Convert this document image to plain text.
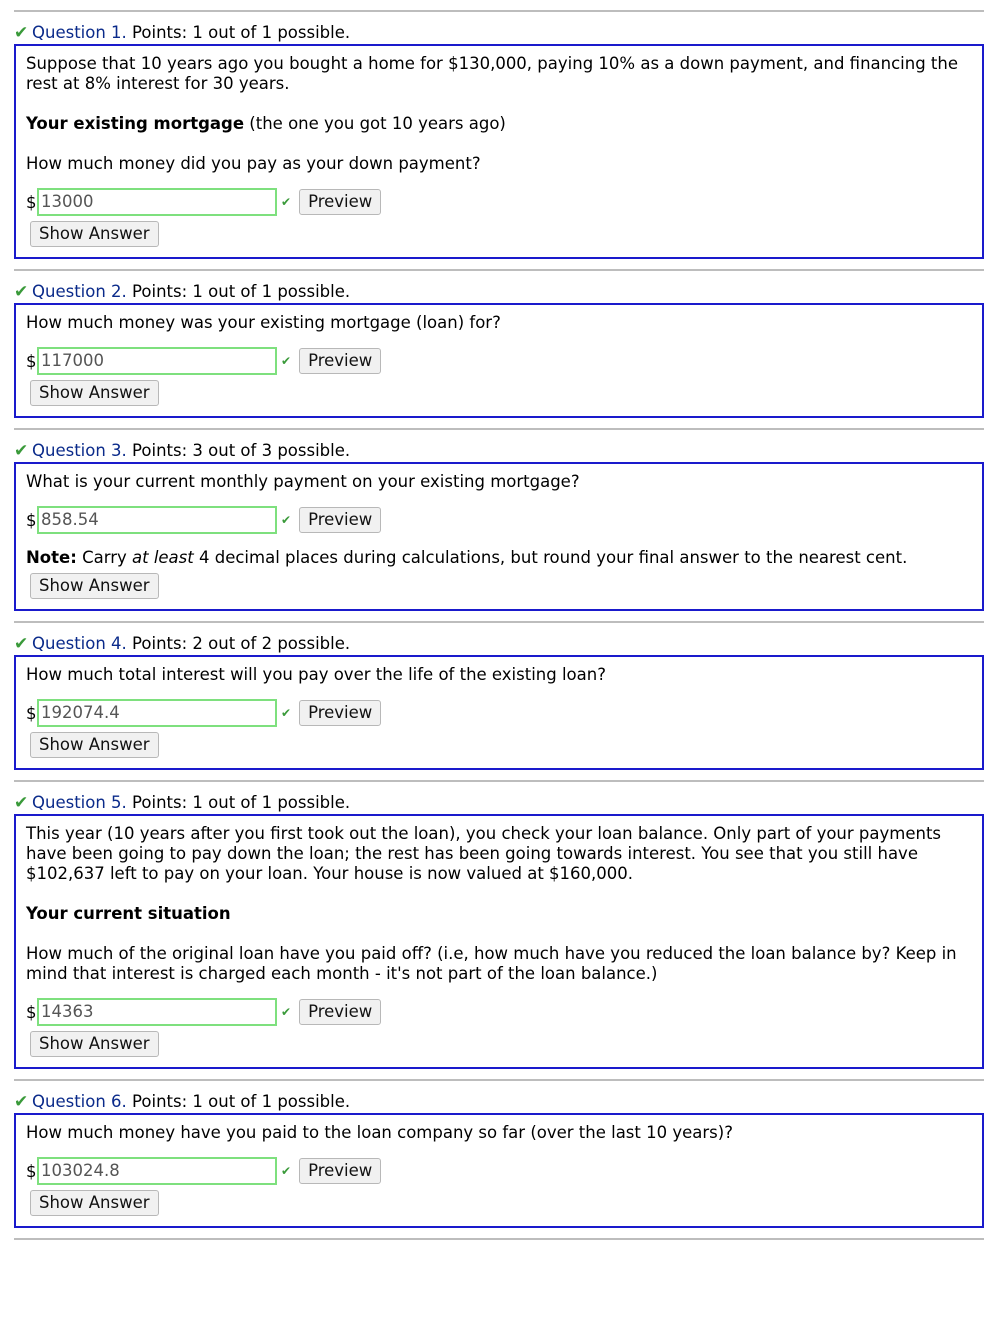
✔ Question 1. Points: 1 out of 1 possible.

Suppose that 10 years ago you bought a home for $130,000, paying 10% as a down payment, and financing the rest at 8% interest for 30 years.

Your existing mortgage (the one you got 10 years ago)

How much money did you pay as your down payment?

$ 13000	✔	Preview
Show Answer
✔ Question 2. Points: 1 out of 1 possible.

How much money was your existing mortgage (loan) for?

$ 117000	✔	Preview
Show Answer
✔ Question 3. Points: 3 out of 3 possible.

What is your current monthly payment on your existing mortgage?

$ 858.54	✔	Preview
Note: Carry at least 4 decimal places during calculations, but round your final answer to the nearest cent.
Show Answer
✔ Question 4. Points: 2 out of 2 possible.

How much total interest will you pay over the life of the existing loan?

$ 192074.4	✔	Preview
Show Answer
✔ Question 5. Points: 1 out of 1 possible.

This year (10 years after you first took out the loan), you check your loan balance. Only part of your payments have been going to pay down the loan; the rest has been going towards interest. You see that you still have $102,637 left to pay on your loan. Your house is now valued at $160,000.

Your current situation

How much of the original loan have you paid off? (i.e, how much have you reduced the loan balance by? Keep in mind that interest is charged each month - it's not part of the loan balance.)

$ 14363	✔	Preview
Show Answer
✔ Question 6. Points: 1 out of 1 possible.

How much money have you paid to the loan company so far (over the last 10 years)?

$ 103024.8	✔	Preview
Show Answer
